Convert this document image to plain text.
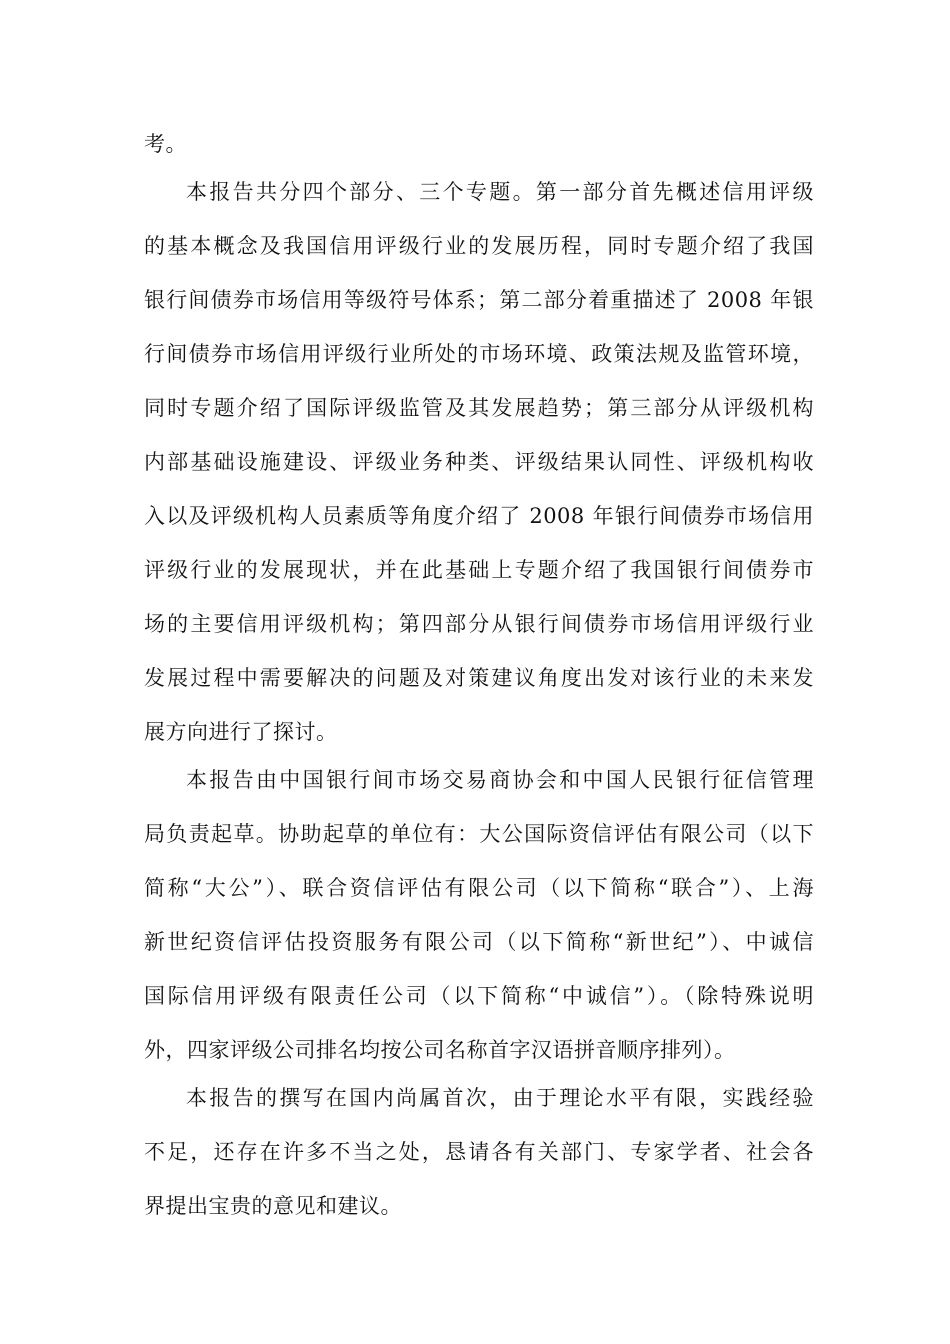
考。
本报告共分四个部分、三个专题。第一部分首先概述信用评级
的基本概念及我国信用评级行业的发展历程，同时专题介绍了我国
银行间债券市场信用等级符号体系；第二部分着重描述了 2008 年银
行间债券市场信用评级行业所处的市场环境、政策法规及监管环境，
同时专题介绍了国际评级监管及其发展趋势；第三部分从评级机构
内部基础设施建设、评级业务种类、评级结果认同性、评级机构收
入以及评级机构人员素质等角度介绍了 2008 年银行间债券市场信用
评级行业的发展现状，并在此基础上专题介绍了我国银行间债券市
场的主要信用评级机构；第四部分从银行间债券市场信用评级行业
发展过程中需要解决的问题及对策建议角度出发对该行业的未来发
展方向进行了探讨。
本报告由中国银行间市场交易商协会和中国人民银行征信管理
局负责起草。协助起草的单位有：大公国际资信评估有限公司（以下
简称“大公”）、联合资信评估有限公司（以下简称“联合”）、上海
新世纪资信评估投资服务有限公司（以下简称“新世纪”）、中诚信
国际信用评级有限责任公司（以下简称“中诚信”）。（除特殊说明
外，四家评级公司排名均按公司名称首字汉语拼音顺序排列）。
本报告的撰写在国内尚属首次，由于理论水平有限，实践经验
不足，还存在许多不当之处，恳请各有关部门、专家学者、社会各
界提出宝贵的意见和建议。
